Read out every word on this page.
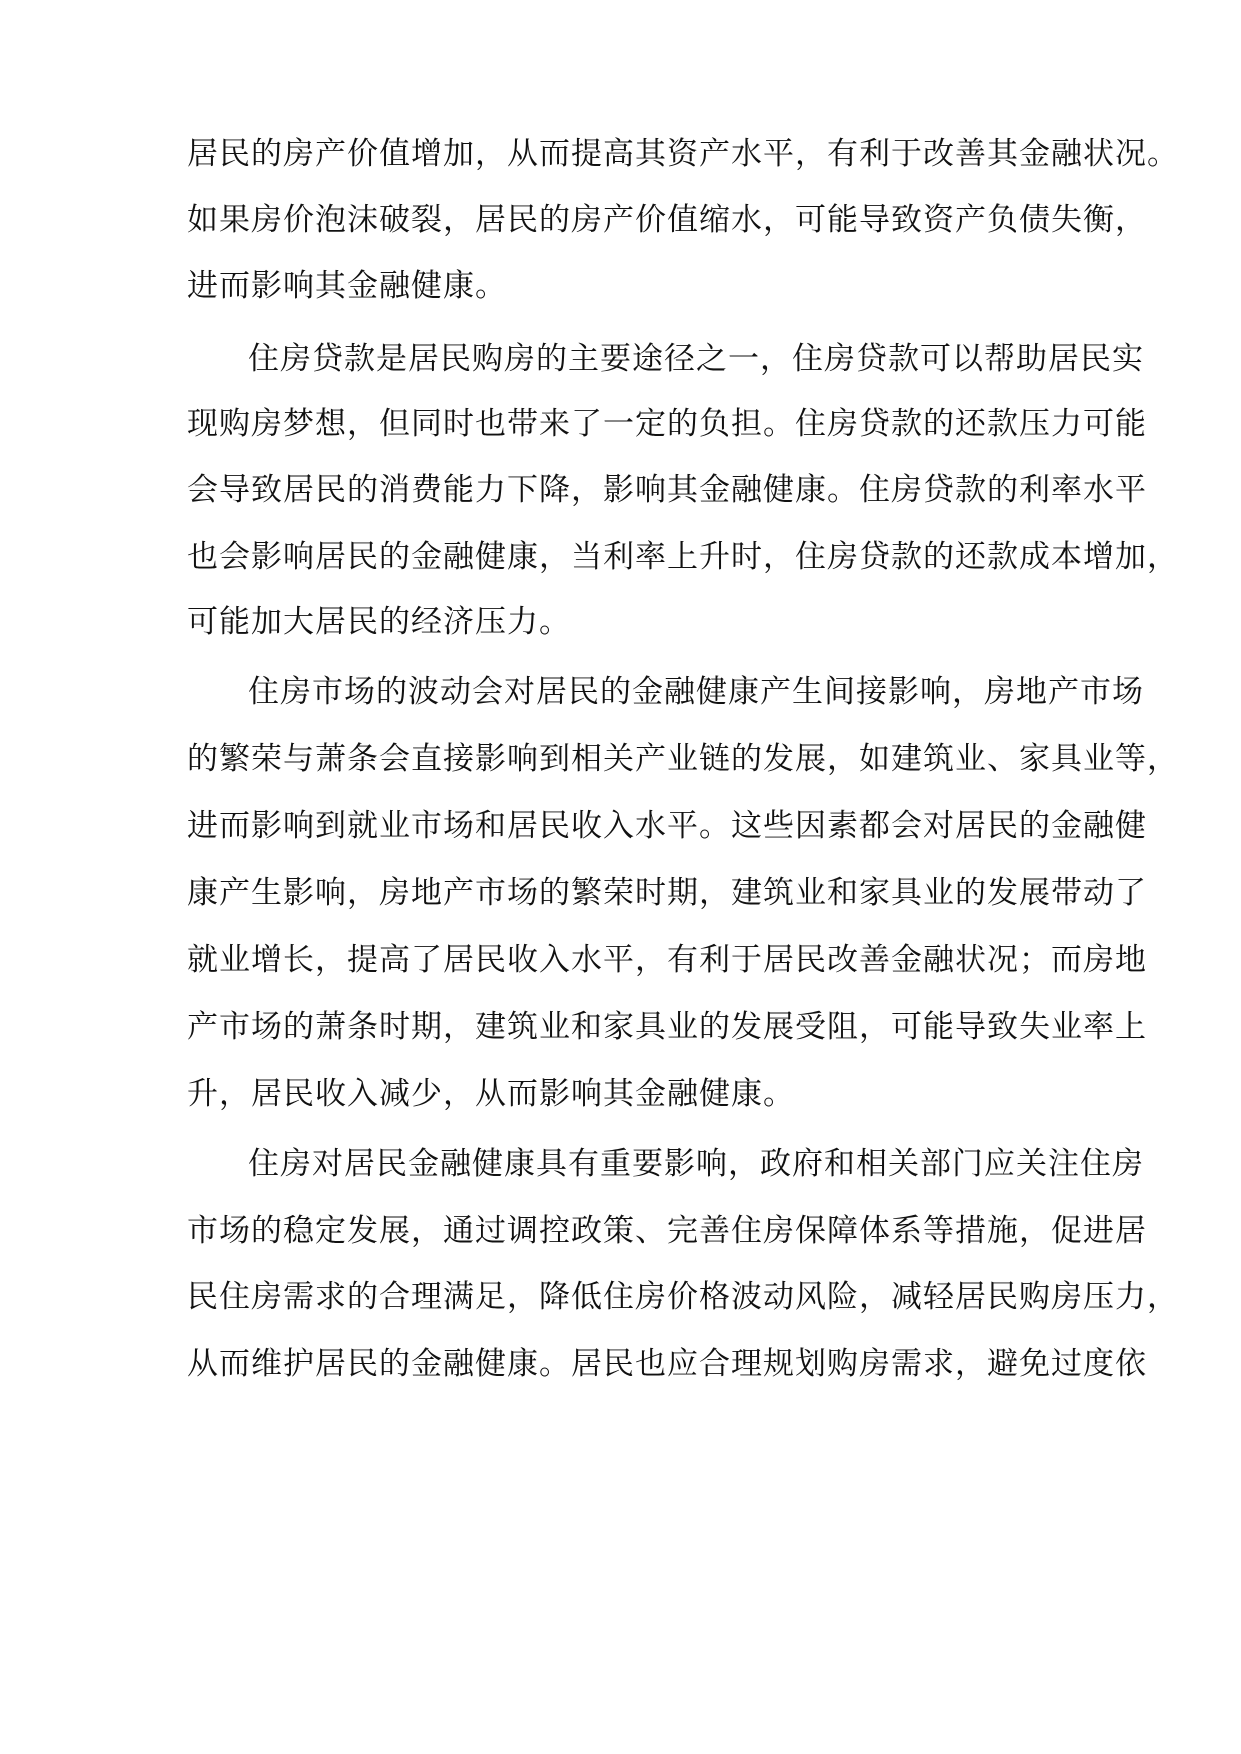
居民的房产价值增加，从而提高其资产水平，有利于改善其金融状况。
如果房价泡沫破裂，居民的房产价值缩水，可能导致资产负债失衡，
进而影响其金融健康。
住房贷款是居民购房的主要途径之一，住房贷款可以帮助居民实
现购房梦想，但同时也带来了一定的负担。住房贷款的还款压力可能
会导致居民的消费能力下降，影响其金融健康。住房贷款的利率水平
也会影响居民的金融健康，当利率上升时，住房贷款的还款成本增加，
可能加大居民的经济压力。
住房市场的波动会对居民的金融健康产生间接影响，房地产市场
的繁荣与萧条会直接影响到相关产业链的发展，如建筑业、家具业等，
进而影响到就业市场和居民收入水平。这些因素都会对居民的金融健
康产生影响，房地产市场的繁荣时期，建筑业和家具业的发展带动了
就业增长，提高了居民收入水平，有利于居民改善金融状况；而房地
产市场的萧条时期，建筑业和家具业的发展受阻，可能导致失业率上
升，居民收入减少，从而影响其金融健康。
住房对居民金融健康具有重要影响，政府和相关部门应关注住房
市场的稳定发展，通过调控政策、完善住房保障体系等措施，促进居
民住房需求的合理满足，降低住房价格波动风险，减轻居民购房压力，
从而维护居民的金融健康。居民也应合理规划购房需求，避免过度依
